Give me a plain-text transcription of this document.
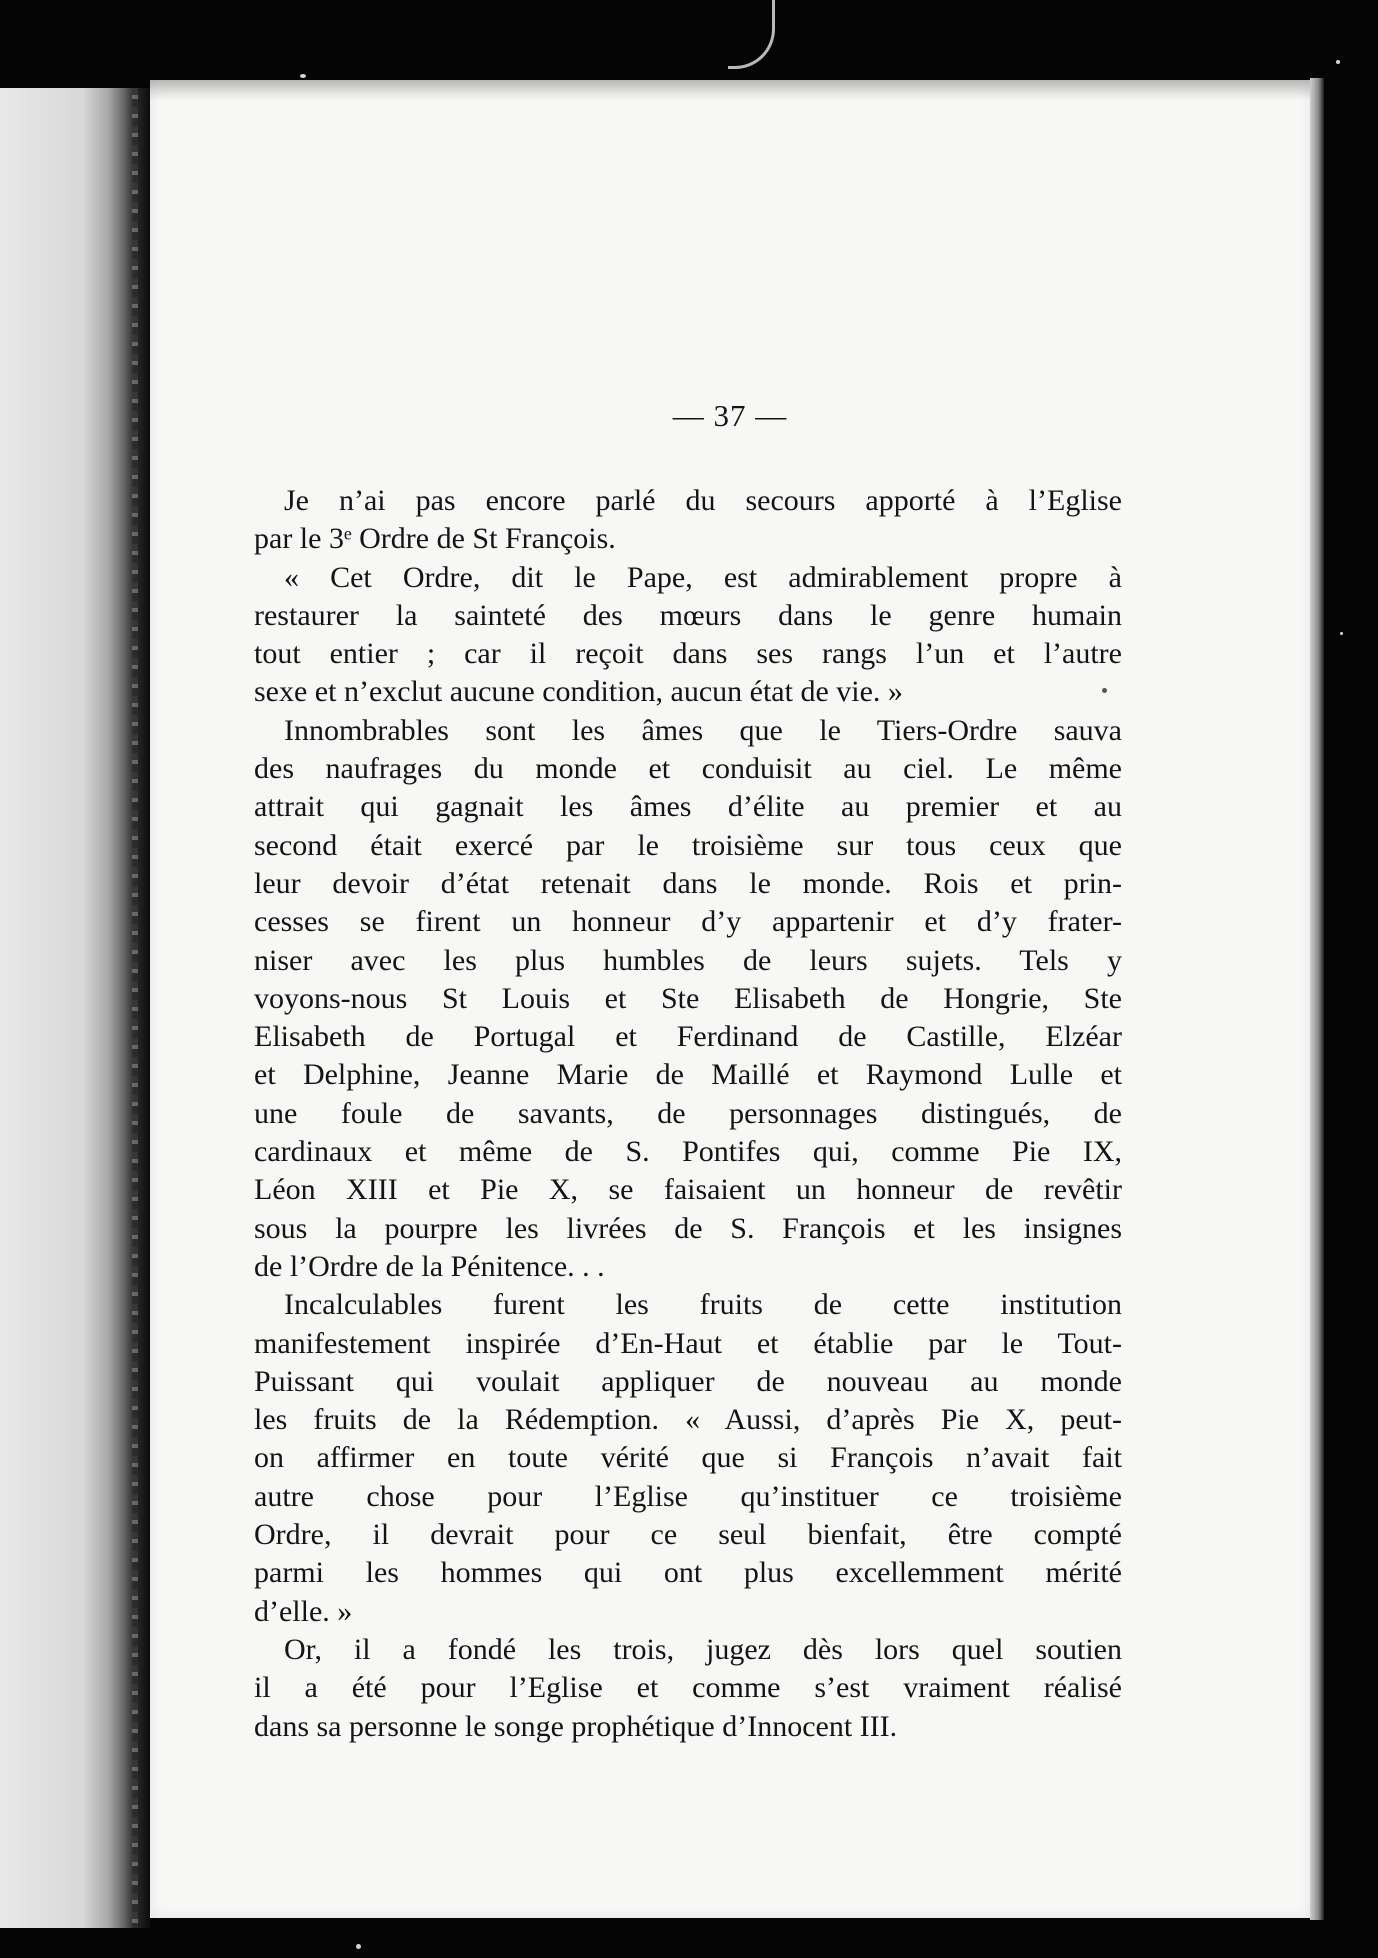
— 37 —
Je n’ai pas encore parlé du secours apporté à l’Eglise
par le 3ᵉ Ordre de St François.
« Cet Ordre, dit le Pape, est admirablement propre à
restaurer la sainteté des mœurs dans le genre humain
tout entier ; car il reçoit dans ses rangs l’un et l’autre
sexe et n’exclut aucune condition, aucun état de vie. »
Innombrables sont les âmes que le Tiers-Ordre sauva
des naufrages du monde et conduisit au ciel. Le même
attrait qui gagnait les âmes d’élite au premier et au
second était exercé par le troisième sur tous ceux que
leur devoir d’état retenait dans le monde. Rois et prin-
cesses se firent un honneur d’y appartenir et d’y frater-
niser avec les plus humbles de leurs sujets. Tels y
voyons-nous St Louis et Ste Elisabeth de Hongrie, Ste
Elisabeth de Portugal et Ferdinand de Castille, Elzéar
et Delphine, Jeanne Marie de Maillé et Raymond Lulle et
une foule de savants, de personnages distingués, de
cardinaux et même de S. Pontifes qui, comme Pie IX,
Léon XIII et Pie X, se faisaient un honneur de revêtir
sous la pourpre les livrées de S. François et les insignes
de l’Ordre de la Pénitence. . .
Incalculables furent les fruits de cette institution
manifestement inspirée d’En-Haut et établie par le Tout-
Puissant qui voulait appliquer de nouveau au monde
les fruits de la Rédemption. « Aussi, d’après Pie X, peut-
on affirmer en toute vérité que si François n’avait fait
autre chose pour l’Eglise qu’instituer ce troisième
Ordre, il devrait pour ce seul bienfait, être compté
parmi les hommes qui ont plus excellemment mérité
d’elle. »
Or, il a fondé les trois, jugez dès lors quel soutien
il a été pour l’Eglise et comme s’est vraiment réalisé
dans sa personne le songe prophétique d’Innocent III.
